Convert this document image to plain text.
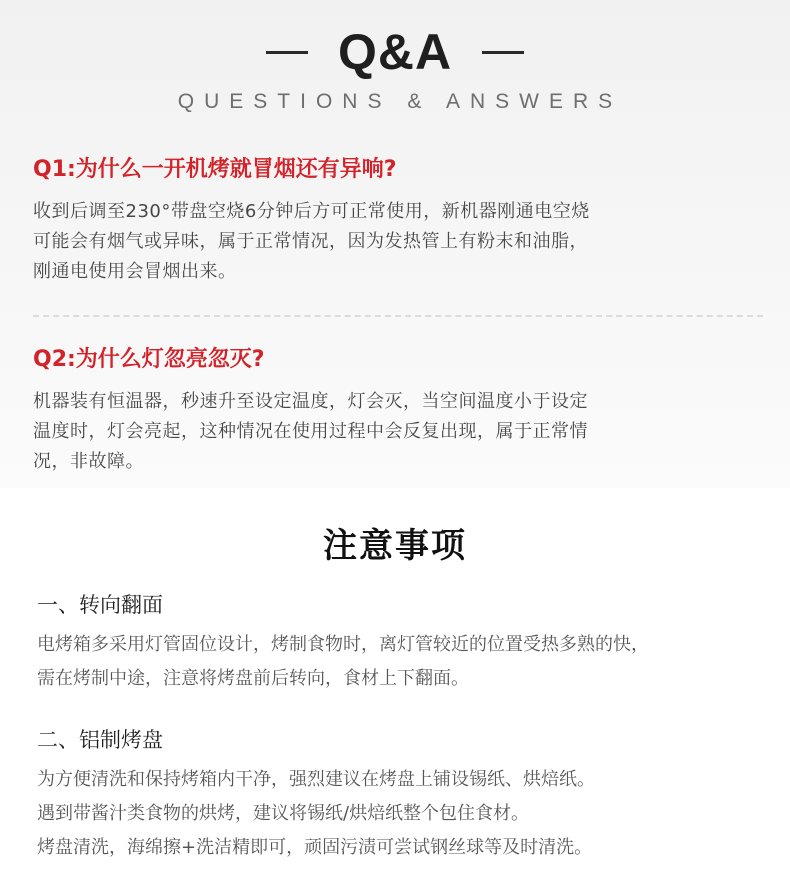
Q&A
QUESTIONS & ANSWERS

Q1:为什么一开机烤就冒烟还有异响?

收到后调至230°带盘空烧6分钟后方可正常使用，新机器刚通电空烧
可能会有烟气或异味，属于正常情况，因为发热管上有粉末和油脂，
刚通电使用会冒烟出来。

Q2:为什么灯忽亮忽灭?

机器装有恒温器，秒速升至设定温度，灯会灭，当空间温度小于设定
温度时，灯会亮起，这种情况在使用过程中会反复出现，属于正常情
况，非故障。
注意事项

一、转向翻面

电烤箱多采用灯管固位设计，烤制食物时，离灯管较近的位置受热多熟的快，
需在烤制中途，注意将烤盘前后转向，食材上下翻面。

二、铝制烤盘

为方便清洗和保持烤箱内干净，强烈建议在烤盘上铺设锡纸、烘焙纸。
遇到带酱汁类食物的烘烤，建议将锡纸/烘焙纸整个包住食材。
烤盘清洗，海绵擦+洗洁精即可，顽固污渍可尝试钢丝球等及时清洗。
